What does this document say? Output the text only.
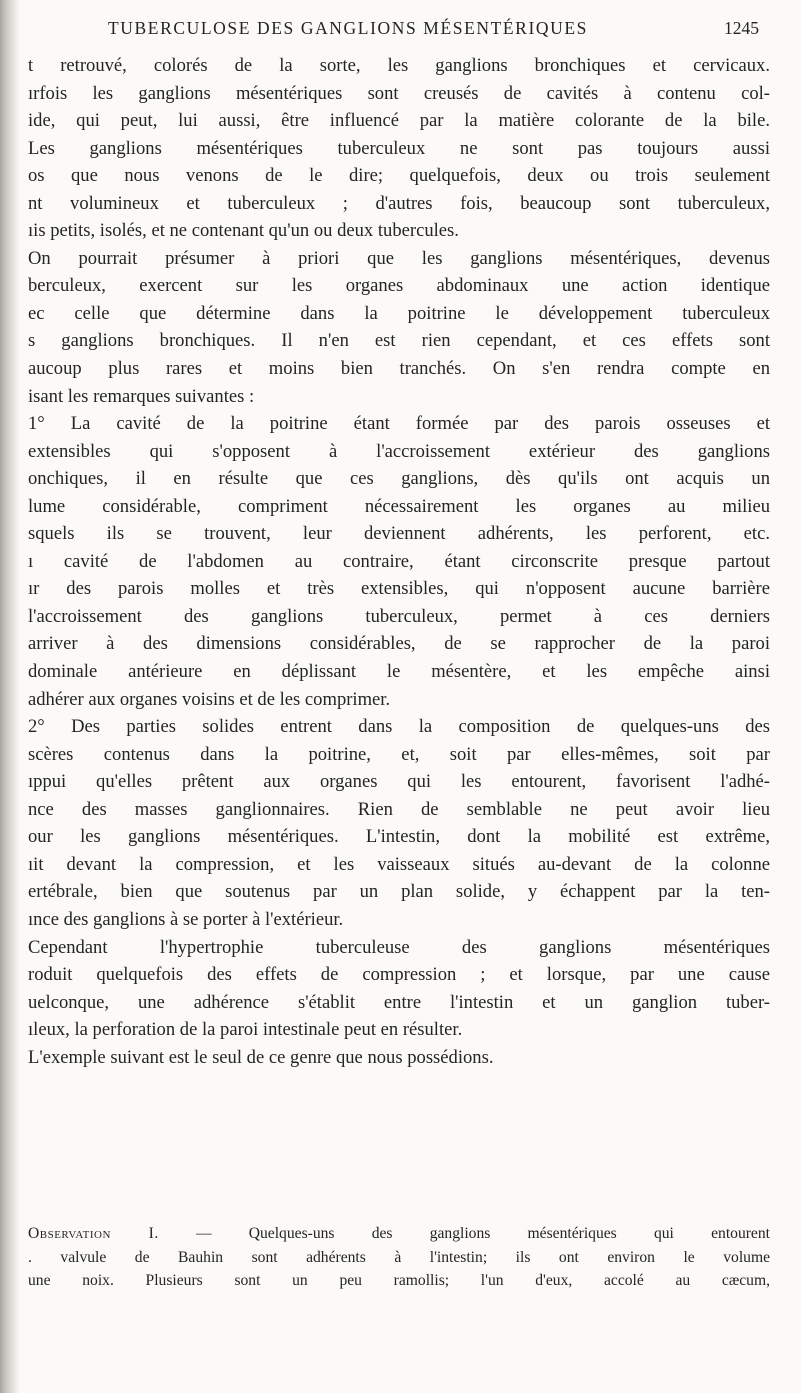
TUBERCULOSE DES GANGLIONS MÉSENTÉRIQUES	1245
t retrouvé, colorés de la sorte, les ganglions bronchiques et cervicaux.
ırfois les ganglions mésentériques sont creusés de cavités à contenu col-
ide, qui peut, lui aussi, être influencé par la matière colorante de la bile.
Les ganglions mésentériques tuberculeux ne sont pas toujours aussi
os que nous venons de le dire; quelquefois, deux ou trois seulement
nt volumineux et tuberculeux ; d'autres fois, beaucoup sont tuberculeux,
ıis petits, isolés, et ne contenant qu'un ou deux tubercules.
On pourrait présumer à priori que les ganglions mésentériques, devenus
berculeux, exercent sur les organes abdominaux une action identique
ec celle que détermine dans la poitrine le développement tuberculeux
s ganglions bronchiques. Il n'en est rien cependant, et ces effets sont
aucoup plus rares et moins bien tranchés. On s'en rendra compte en
isant les remarques suivantes :
1° La cavité de la poitrine étant formée par des parois osseuses et
extensibles qui s'opposent à l'accroissement extérieur des ganglions
onchiques, il en résulte que ces ganglions, dès qu'ils ont acquis un
lume considérable, compriment nécessairement les organes au milieu
squels ils se trouvent, leur deviennent adhérents, les perforent, etc.
ı cavité de l'abdomen au contraire, étant circonscrite presque partout
ır des parois molles et très extensibles, qui n'opposent aucune barrière
l'accroissement des ganglions tuberculeux, permet à ces derniers
arriver à des dimensions considérables, de se rapprocher de la paroi
dominale antérieure en déplissant le mésentère, et les empêche ainsi
adhérer aux organes voisins et de les comprimer.
2° Des parties solides entrent dans la composition de quelques-uns des
scères contenus dans la poitrine, et, soit par elles-mêmes, soit par
ıppui qu'elles prêtent aux organes qui les entourent, favorisent l'adhé-
nce des masses ganglionnaires. Rien de semblable ne peut avoir lieu
our les ganglions mésentériques. L'intestin, dont la mobilité est extrême,
ıit devant la compression, et les vaisseaux situés au-devant de la colonne
ertébrale, bien que soutenus par un plan solide, y échappent par la ten-
ınce des ganglions à se porter à l'extérieur.
Cependant l'hypertrophie tuberculeuse des ganglions mésentériques
roduit quelquefois des effets de compression ; et lorsque, par une cause
uelconque, une adhérence s'établit entre l'intestin et un ganglion tuber-
ıleux, la perforation de la paroi intestinale peut en résulter.
L'exemple suivant est le seul de ce genre que nous possédions.
Observation I. — Quelques-uns des ganglions mésentériques qui entourent
. valvule de Bauhin sont adhérents à l'intestin; ils ont environ le volume
une noix. Plusieurs sont un peu ramollis; l'un d'eux, accolé au cæcum,
